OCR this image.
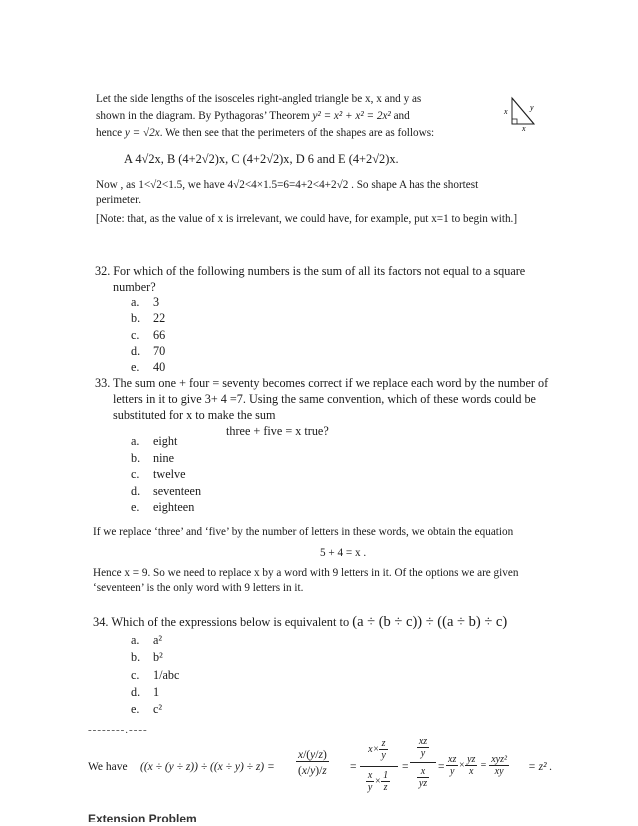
Let the side lengths of the isosceles right-angled triangle be x, x and y as
shown in the diagram. By Pythagoras’ Theorem y² = x² + x² = 2x² and
hence y = √2x. We then see that the perimeters of the shapes are as follows:
x	y
x
A 4√2x, B (4+2√2)x, C (4+2√2)x, D 6 and E (4+2√2)x.
Now , as 1<√2<1.5, we have 4√2<4×1.5=6=4+2<4+2√2 . So shape A has the shortest
perimeter.
[Note: that, as the value of x is irrelevant, we could have, for example, put x=1 to begin with.]
32. For which of the following numbers is the sum of all its factors not equal to a square
number?
a. 3
b. 22
c. 66
d. 70
e. 40
33. The sum one + four = seventy becomes correct if we replace each word by the number of
letters in it to give 3+ 4 =7. Using the same convention, which of these words could be
substituted for x to make the sum
three + five = x true?
a. eight
b. nine
c. twelve
d. seventeen
e. eighteen
If we replace ‘three’ and ‘five’ by the number of letters in these words, we obtain the equation
5 + 4 = x .
Hence x = 9. So we need to replace x by a word with 9 letters in it. Of the options we are given
‘seventeen’ is the only word with 9 letters in it.
34. Which of the expressions below is equivalent to (a ÷ (b ÷ c)) ÷ ((a ÷ b) ÷ c)
a. a²
b. b²
c. 1/abc
d. 1
e. c²
--------.----
We have ($(x \div (y \div z)) \div ((x \div y) \div z) = \frac{x/(y/z)}{(x/y)/z}$ =
$x\times \frac{z}{y}$
$\frac{x}{y} \times \frac{1}{z}$
=
$\frac{xz}{y}$
$\frac{x}{yz} = \frac{xz}{y} \times \frac{yz}{x} = \frac{\text{xyz²}}{xy} = z^2$ .
Extension Problem
